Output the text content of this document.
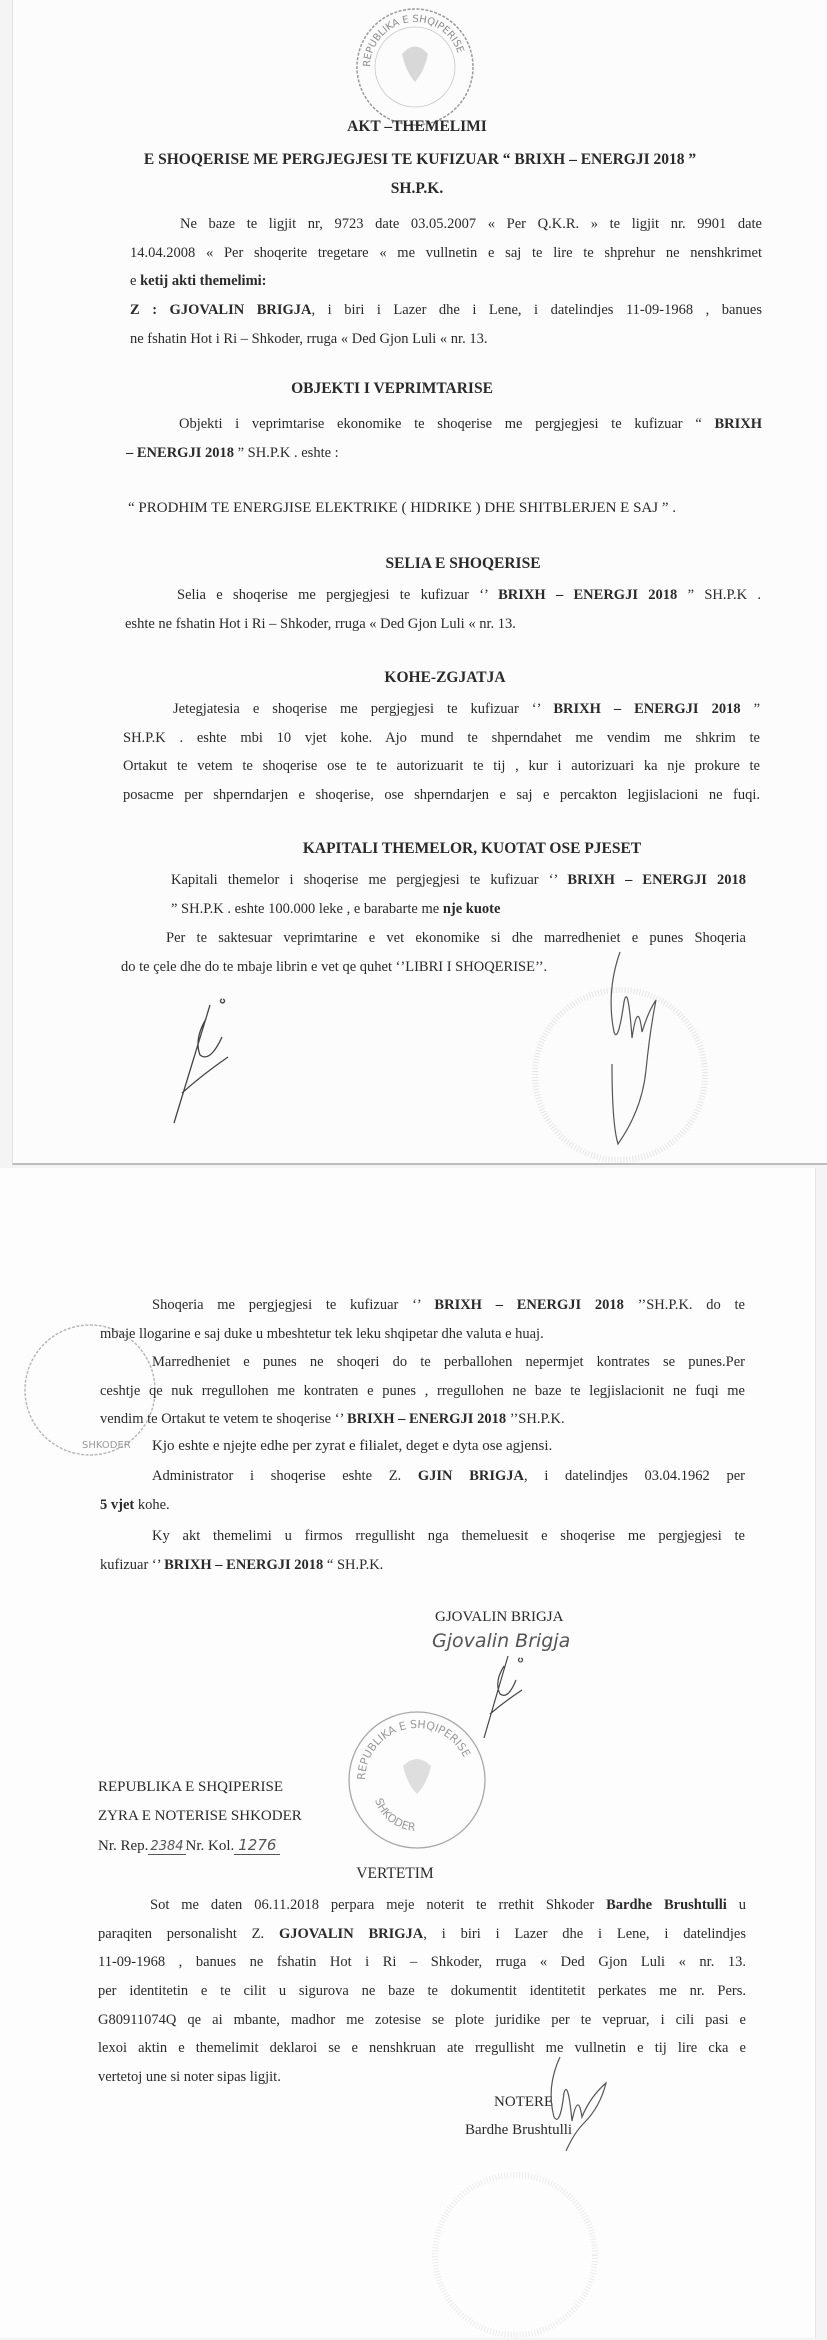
REPUBLIKA E SHQIPERISE
AKT –THEMELIMI
E SHOQERISE ME PERGJEGJESI TE KUFIZUAR “ BRIXH – ENERGJI 2018 ”
SH.P.K.
Ne baze te ligjit nr, 9723 date 03.05.2007 « Per Q.K.R. » te ligjit nr. 9901 date
14.04.2008 « Per shoqerite tregetare « me vullnetin e saj te lire te shprehur ne nenshkrimet
e ketij akti themelimi:
Z : GJOVALIN BRIGJA, i biri i Lazer dhe i Lene, i datelindjes 11-09-1968 , banues
ne fshatin Hot i Ri – Shkoder, rruga « Ded Gjon Luli « nr. 13.
OBJEKTI I VEPRIMTARISE
Objekti i veprimtarise ekonomike te shoqerise me pergjegjesi te kufizuar “ BRIXH
– ENERGJI 2018 ” SH.P.K . eshte :
“ PRODHIM TE ENERGJISE ELEKTRIKE ( HIDRIKE ) DHE SHITBLERJEN E SAJ ” .
SELIA E SHOQERISE
Selia e shoqerise me pergjegjesi te kufizuar ‘’ BRIXH – ENERGJI 2018 ” SH.P.K .
eshte ne fshatin Hot i Ri – Shkoder, rruga « Ded Gjon Luli « nr. 13.
KOHE-ZGJATJA
Jetegjatesia e shoqerise me pergjegjesi te kufizuar ‘’ BRIXH – ENERGJI 2018 ”
SH.P.K . eshte mbi 10 vjet kohe. Ajo mund te shperndahet me vendim me shkrim te
Ortakut te vetem te shoqerise ose te te autorizuarit te tij , kur i autorizuari ka nje prokure te
posacme per shperndarjen e shoqerise, ose shperndarjen e saj e percakton legjislacioni ne fuqi.
KAPITALI THEMELOR, KUOTAT OSE PJESET
Kapitali themelor i shoqerise me pergjegjesi te kufizuar ‘’ BRIXH – ENERGJI 2018
” SH.P.K . eshte 100.000 leke , e barabarte me nje kuote
Per te saktesuar veprimtarine e vet ekonomike si dhe marredheniet e punes Shoqeria
do te çele dhe do te mbaje librin e vet qe quhet ‘’LIBRI I SHOQERISE’’.
SHKODER
Shoqeria me pergjegjesi te kufizuar ‘’ BRIXH – ENERGJI 2018 ’’SH.P.K. do te
mbaje llogarine e saj duke u mbeshtetur tek leku shqipetar dhe valuta e huaj.
Marredheniet e punes ne shoqeri do te perballohen nepermjet kontrates se punes.Per
ceshtje qe nuk rregullohen me kontraten e punes , rregullohen ne baze te legjislacionit ne fuqi me
vendim te Ortakut te vetem te shoqerise ‘’ BRIXH – ENERGJI 2018 ’’SH.P.K.
Kjo eshte e njejte edhe per zyrat e filialet, deget e dyta ose agjensi.
Administrator i shoqerise eshte Z. GJIN BRIGJA, i datelindjes 03.04.1962 per
5 vjet kohe.
Ky akt themelimi u firmos rregullisht nga themeluesit e shoqerise me pergjegjesi te
kufizuar ‘’ BRIXH – ENERGJI 2018 “ SH.P.K.
GJOVALIN BRIGJA
Gjovalin Brigja
REPUBLIKA E SHQIPERISE
SHKODER
REPUBLIKA E SHQIPERISE
ZYRA E NOTERISE SHKODER
Nr. Rep. 2384 Nr. Kol. 1276
VERTETIM
Sot me daten 06.11.2018 perpara meje noterit te rrethit Shkoder Bardhe Brushtulli u
paraqiten personalisht Z. GJOVALIN BRIGJA, i biri i Lazer dhe i Lene, i datelindjes
11-09-1968 , banues ne fshatin Hot i Ri – Shkoder, rruga « Ded Gjon Luli « nr. 13.
per identitetin e te cilit u sigurova ne baze te dokumentit identitetit perkates me nr. Pers.
G80911074Q qe ai mbante, madhor me zotesise se plote juridike per te vepruar, i cili pasi e
lexoi aktin e themelimit deklaroi se e nenshkruan ate rregullisht me vullnetin e tij lire cka e
vertetoj une si noter sipas ligjit.
NOTERE
Bardhe Brushtulli
